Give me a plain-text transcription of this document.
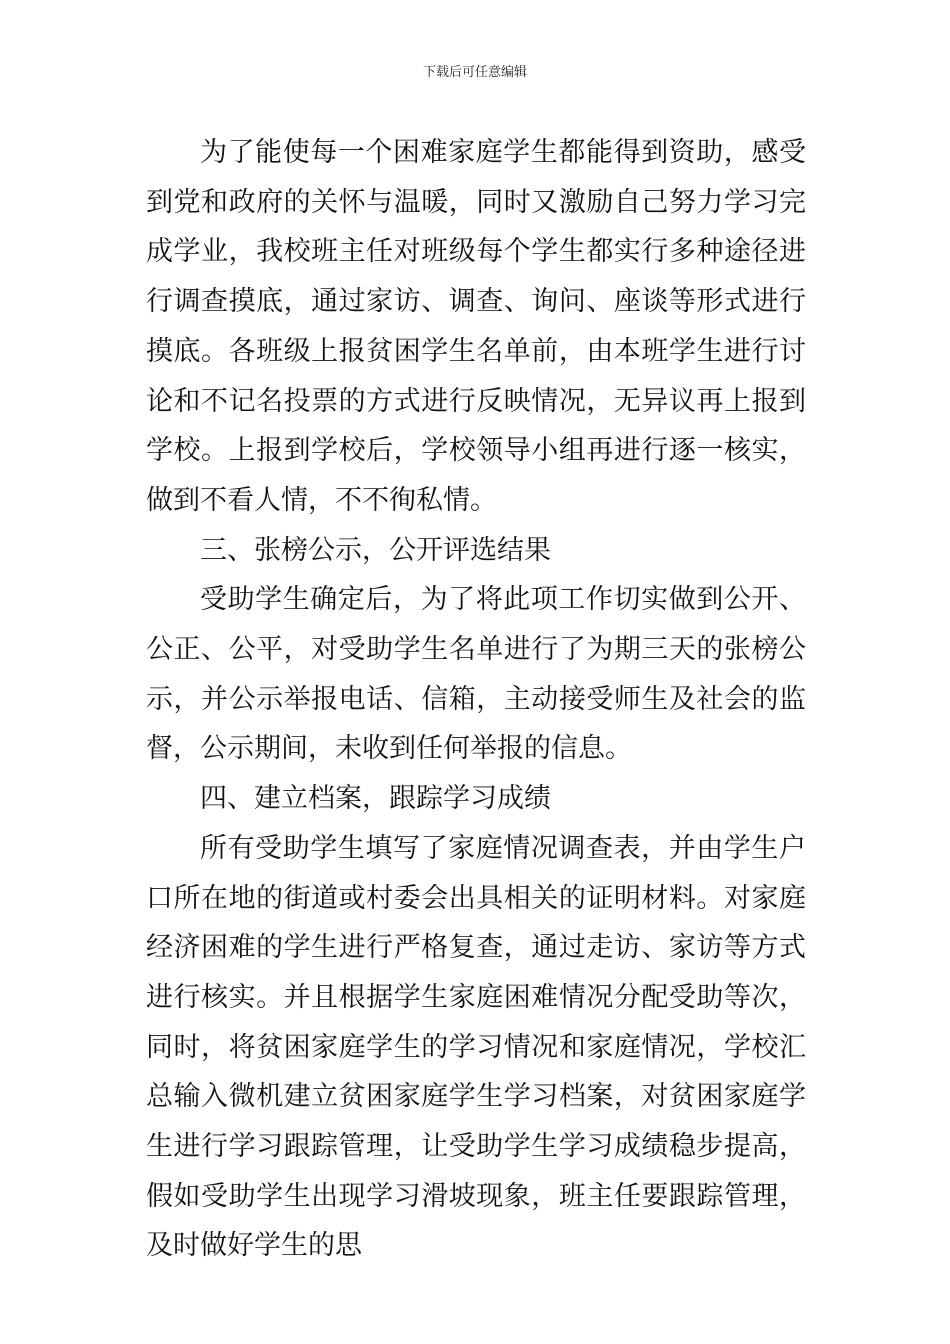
下载后可任意编辑

为了能使每一个困难家庭学生都能得到资助，感受到党和政府的关怀与温暖，同时又激励自己努力学习完成学业，我校班主任对班级每个学生都实行多种途径进行调查摸底，通过家访、调查、询问、座谈等形式进行摸底。各班级上报贫困学生名单前，由本班学生进行讨论和不记名投票的方式进行反映情况，无异议再上报到学校。上报到学校后，学校领导小组再进行逐一核实，做到不看人情，不不徇私情。

三、张榜公示，公开评选结果

受助学生确定后，为了将此项工作切实做到公开、公正、公平，对受助学生名单进行了为期三天的张榜公示，并公示举报电话、信箱，主动接受师生及社会的监督，公示期间，未收到任何举报的信息。

四、建立档案，跟踪学习成绩

所有受助学生填写了家庭情况调查表，并由学生户口所在地的街道或村委会出具相关的证明材料。对家庭经济困难的学生进行严格复查，通过走访、家访等方式进行核实。并且根据学生家庭困难情况分配受助等次，同时，将贫困家庭学生的学习情况和家庭情况，学校汇总输入微机建立贫困家庭学生学习档案，对贫困家庭学生进行学习跟踪管理，让受助学生学习成绩稳步提高，假如受助学生出现学习滑坡现象，班主任要跟踪管理，及时做好学生的思
